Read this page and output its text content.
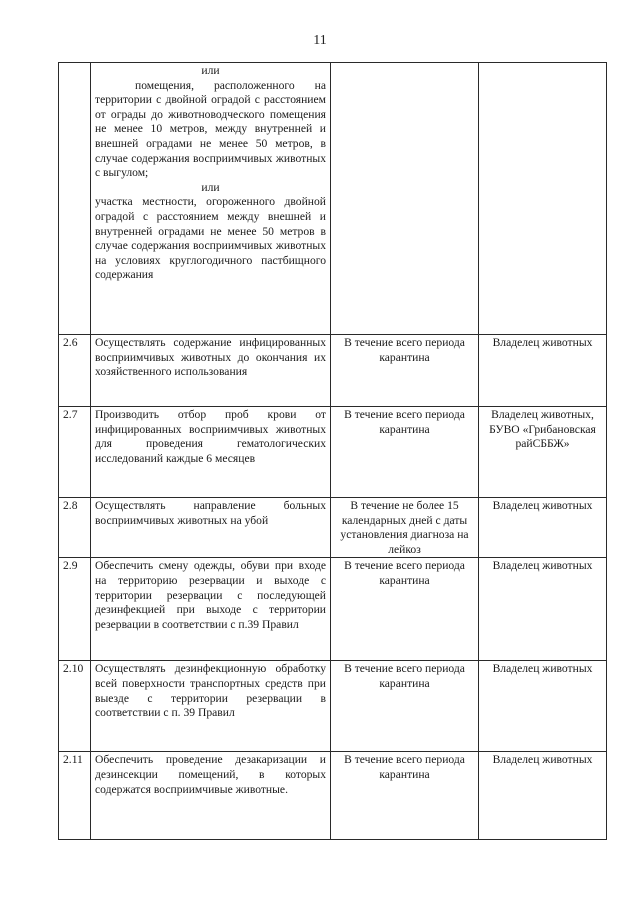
11

	или

помещения, расположенного на территории с двойной оградой с расстоянием от ограды до животноводческого помещения не менее 10 метров, между внутренней и внешней оградами не менее 50 метров, в случае содержания восприимчивых животных с выгулом;

или

участка местности, огороженного двойной оградой с расстоянием между внешней и внутренней оградами не менее 50 метров в случае содержания восприимчивых животных на условиях круглогодичного пастбищного содержания		

2.6	Осуществлять содержание инфицированных восприимчивых животных до окончания их хозяйственного использования	В течение всего периода карантина	Владелец животных
2.7	Производить отбор проб крови от инфицированных восприимчивых животных для проведения гематологических исследований каждые 6 месяцев	В течение всего периода карантина	Владелец животных, БУВО «Грибановская райСББЖ»
2.8	Осуществлять направление больных восприимчивых животных на убой	В течение не более 15 календарных дней с даты установления диагноза на лейкоз	Владелец животных
2.9	Обеспечить смену одежды, обуви при входе на территорию резервации и выходе с территории резервации с последующей дезинфекцией при выходе с территории резервации в соответствии с п.39 Правил	В течение всего периода карантина	Владелец животных
2.10	Осуществлять дезинфекционную обработку всей поверхности транспортных средств при выезде с территории резервации в соответствии с п. 39 Правил	В течение всего периода карантина	Владелец животных
2.11	Обеспечить проведение дезакаризации и дезинсекции помещений, в которых содержатся восприимчивые животные.	В течение всего периода карантина	Владелец животных
